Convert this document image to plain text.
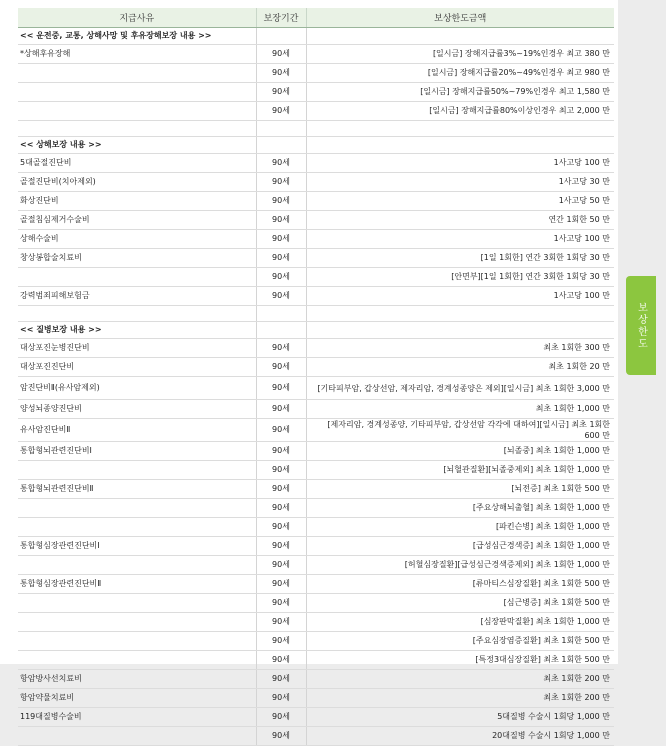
지급사유	보장기간	보상한도금액
<< 운전중, 교통, 상해사망 및 후유장해보장 내용 >>		
*상해후유장해	90세	[일시금] 장해지급률3%~19%인경우 최고 380 만
	90세	[일시금] 장해지급률20%~49%인경우 최고 980 만
	90세	[일시금] 장해지급률50%~79%인경우 최고 1,580 만
	90세	[일시금] 장해지급률80%이상인경우 최고 2,000 만

<< 상해보장 내용 >>		
5대골절진단비	90세	1사고당 100 만
골절진단비(치아제외)	90세	1사고당 30 만
화상진단비	90세	1사고당 50 만
골절침심제거수술비	90세	연간 1회한 50 만
상해수술비	90세	1사고당 100 만
창상봉합술치료비	90세	[1일 1회한] 연간 3회한 1회당 30 만
	90세	[안면부][1일 1회한] 연간 3회한 1회당 30 만
강력범죄피해보험금	90세	1사고당 100 만

<< 질병보장 내용 >>		
대상포진눈병진단비	90세	최초 1회한 300 만
대상포진진단비	90세	최초 1회한 20 만
암진단비Ⅱ(유사암제외)	90세	[기타피부암, 갑상선암, 제자리암, 경계성종양은 제외][일시금] 최초 1회한 3,000 만
양성뇌종양진단비	90세	최초 1회한 1,000 만
유사암진단비Ⅱ	90세	[제자리암, 경계성종양, 기타피부암, 갑상선암 각각에 대하여][일시금] 최초 1회한 600 만
통합형뇌관련진단비Ⅰ	90세	[뇌졸중] 최초 1회한 1,000 만
	90세	[뇌혈관질환][뇌졸중제외] 최초 1회한 1,000 만
통합형뇌관련진단비Ⅱ	90세	[뇌전증] 최초 1회한 500 만
	90세	[주요상해뇌출혈] 최초 1회한 1,000 만
	90세	[파킨슨병] 최초 1회한 1,000 만
통합형심장관련진단비Ⅰ	90세	[급성심근경색증] 최초 1회한 1,000 만
	90세	[허혈심장질환][급성심근경색증제외] 최초 1회한 1,000 만
통합형심장관련진단비Ⅱ	90세	[류마티스심장질환] 최초 1회한 500 만
	90세	[심근병증] 최초 1회한 500 만
	90세	[심장판막질환] 최초 1회한 1,000 만
	90세	[주요심장염증질환] 최초 1회한 500 만
	90세	[특정3대심장질환] 최초 1회한 500 만
항암방사선치료비	90세	최초 1회한 200 만
항암약물치료비	90세	최초 1회한 200 만
119대질병수술비	90세	5대질병 수술시 1회당 1,000 만
	90세	20대질병 수술시 1회당 1,000 만
보상한도
